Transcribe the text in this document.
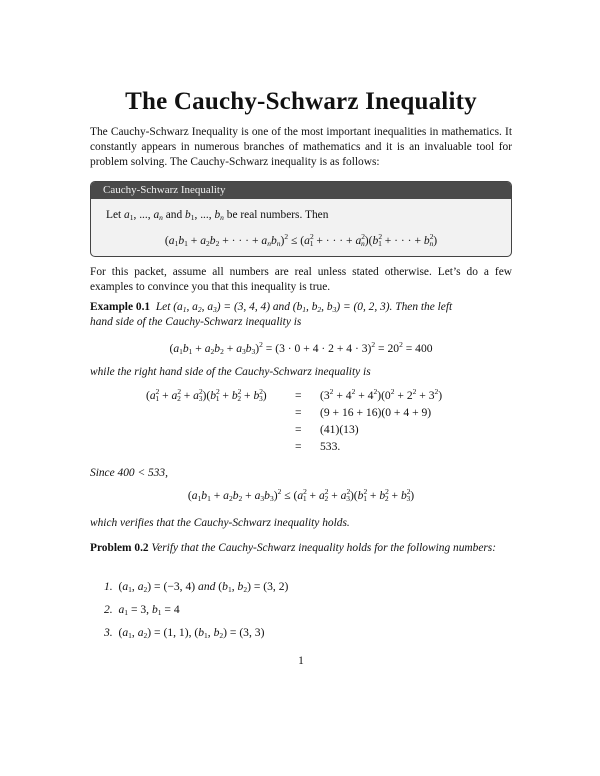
The Cauchy-Schwarz Inequality
The Cauchy-Schwarz Inequality is one of the most important inequalities in mathematics. It constantly appears in numerous branches of mathematics and it is an invaluable tool for problem solving. The Cauchy-Schwarz inequality is as follows:
Cauchy-Schwarz Inequality
Let $a_1$, ..., $a_n$ and $b_1$, ..., $b_n$ be real numbers. Then
($a_1b_1 + a_2b_2$ + · · · + $a_nb_n)^2 \le (a^2_1$ + · · · + $a^2_n)(b^2_1$ + · · · + $b^2_n$)
For this packet, assume all numbers are real unless stated otherwise. Let’s do a few examples to convince you that this inequality is true.
Example 0.1  Let ($a_1$, $a_2$, $a_3) = (3$, 4, 4) and ($b_1$, $b_2$, $b_3) = (0$, 2, 3). Then the left
hand side of the Cauchy-Schwarz inequality is
$(a_1b_1 + a_2b_2 + a_3b_3)^2 = (3 \cdot 0 + 4 \cdot 2 + 4 \cdot 3)^2 = 20^2 = 400$
while the right hand side of the Cauchy-Schwarz inequality is
$(a^2_1 + a^2_2 + a^2_3)(b^2_1 + b^2_2 + b^2_3) = (3^2 + 4^2 + 4^2)(0^2 + 2^2 + 3^2)$
= (9 + 16 + 16)(0 + 4 + 9)
= (41)(13)
= 533.
Since 400 < 533,
$(a_1b_1 + a_2b_2 + a_3b_3)^2 \le (a^2_1 + a^2_2 + a^2_3)(b^2_1 + b^2_2 + b^2_3)$
which verifies that the Cauchy-Schwarz inequality holds.
Problem 0.2 Verify that the Cauchy-Schwarz inequality holds for the following numbers:
1.  ($a_1$, $a_2) = (-3$, 4) and ($b_1$, $b_2) = (3$, 2)
2. $a_1 = 3$, $b_1 = 4$
3.  ($a_1$, $a_2) = (1$, 1), ($b_1$, $b_2) = (3$, 3)
1
